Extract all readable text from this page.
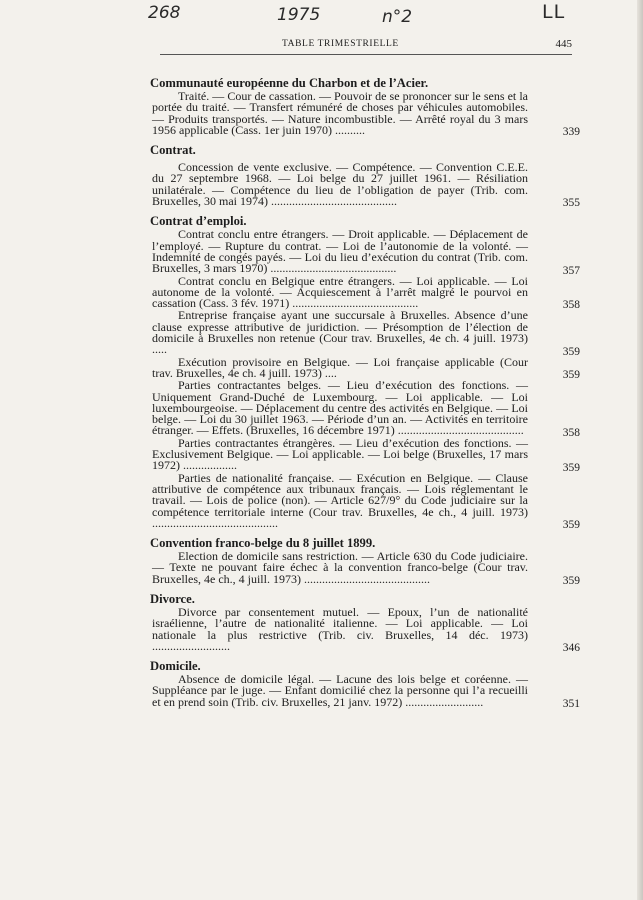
268	1975	n°2	LL
TABLE TRIMESTRIELLE	445
Communauté européenne du Charbon et de l’Acier.

Traité. — Cour de cassation. — Pouvoir de se prononcer sur le sens et la portée du traité. — Transfert rémunéré de choses par véhicules automobiles. — Produits transportés. — Nature incombustible. — Arrêté royal du 3 mars 1956 applicable (Cass. 1er juin 1970) ..........	339
Contrat.

Concession de vente exclusive. — Compétence. — Convention C.E.E. du 27 septembre 1968. — Loi belge du 27 juillet 1961. — Résiliation unilatérale. — Compétence du lieu de l’obligation de payer (Trib. com. Bruxelles, 30 mai 1974) ..........................................	355
Contrat d’emploi.

Contrat conclu entre étrangers. — Droit applicable. — Déplacement de l’employé. — Rupture du contrat. — Loi de l’autonomie de la volonté. — Indemnité de congés payés. — Loi du lieu d’exécution du contrat (Trib. com. Bruxelles, 3 mars 1970) ..........................................	357

Contrat conclu en Belgique entre étrangers. — Loi applicable. — Loi autonome de la volonté. — Acquiescement à l’arrêt malgré le pourvoi en cassation (Cass. 3 fév. 1971) ..........................................	358

Entreprise française ayant une succursale à Bruxelles. Absence d’une clause expresse attributive de juridiction. — Présomption de l’élection de domicile à Bruxelles non retenue (Cour trav. Bruxelles, 4e ch. 4 juill. 1973) .....	359

Exécution provisoire en Belgique. — Loi française applicable (Cour trav. Bruxelles, 4e ch. 4 juill. 1973) ....	359

Parties contractantes belges. — Lieu d’exécution des fonctions. — Uniquement Grand-Duché de Luxembourg. — Loi applicable. — Loi luxembourgeoise. — Déplacement du centre des activités en Belgique. — Loi belge. — Loi du 30 juillet 1963. — Période d’un an. — Activités en territoire étranger. — Effets. (Bruxelles, 16 décembre 1971) ..........................................	358

Parties contractantes étrangères. — Lieu d’exécution des fonctions. — Exclusivement Belgique. — Loi applicable. — Loi belge (Bruxelles, 17 mars 1972) ..................	359

Parties de nationalité française. — Exécution en Belgique. — Clause attributive de compétence aux tribunaux français. — Lois réglementant le travail. — Lois de police (non). — Article 627/9° du Code judiciaire sur la compétence territoriale interne (Cour trav. Bruxelles, 4e ch., 4 juill. 1973) ..........................................	359
Convention franco-belge du 8 juillet 1899.

Election de domicile sans restriction. — Article 630 du Code judiciaire. — Texte ne pouvant faire échec à la convention franco-belge (Cour trav. Bruxelles, 4e ch., 4 juill. 1973) ..........................................	359
Divorce.

Divorce par consentement mutuel. — Epoux, l’un de nationalité israélienne, l’autre de nationalité italienne. — Loi applicable. — Loi nationale la plus restrictive (Trib. civ. Bruxelles, 14 déc. 1973) ..........................	346
Domicile.

Absence de domicile légal. — Lacune des lois belge et coréenne. — Suppléance par le juge. — Enfant domicilié chez la personne qui l’a recueilli et en prend soin (Trib. civ. Bruxelles, 21 janv. 1972) ..........................	351
